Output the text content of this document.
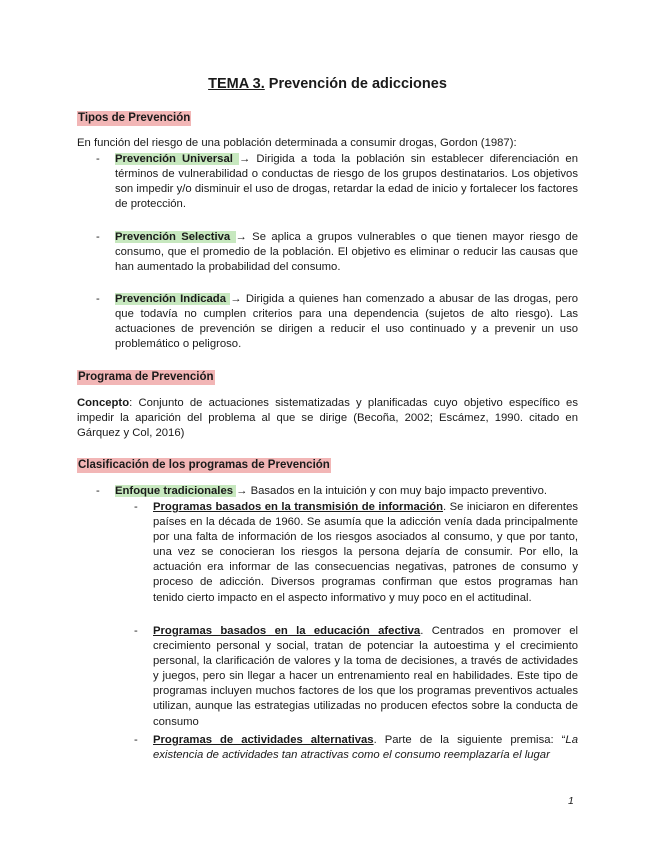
TEMA 3. Prevención de adicciones
Tipos de Prevención
En función del riesgo de una población determinada a consumir drogas, Gordon (1987):
- Prevención Universal → Dirigida a toda la población sin establecer diferenciación en términos de vulnerabilidad o conductas de riesgo de los grupos destinatarios. Los objetivos son impedir y/o disminuir el uso de drogas, retardar la edad de inicio y fortalecer los factores de protección.
- Prevención Selectiva → Se aplica a grupos vulnerables o que tienen mayor riesgo de consumo, que el promedio de la población. El objetivo es eliminar o reducir las causas que han aumentado la probabilidad del consumo.
- Prevención Indicada → Dirigida a quienes han comenzado a abusar de las drogas, pero que todavía no cumplen criterios para una dependencia (sujetos de alto riesgo). Las actuaciones de prevención se dirigen a reducir el uso continuado y a prevenir un uso problemático o peligroso.
Programa de Prevención
Concepto: Conjunto de actuaciones sistematizadas y planificadas cuyo objetivo específico es impedir la aparición del problema al que se dirige (Becoña, 2002; Escámez, 1990. citado en Gárquez y Col, 2016)
Clasificación de los programas de Prevención
- Enfoque tradicionales → Basados en la intuición y con muy bajo impacto preventivo.
- Programas basados en la transmisión de información. Se iniciaron en diferentes países en la década de 1960. Se asumía que la adicción venía dada principalmente por una falta de información de los riesgos asociados al consumo, y que por tanto, una vez se conocieran los riesgos la persona dejaría de consumir. Por ello, la actuación era informar de las consecuencias negativas, patrones de consumo y proceso de adicción. Diversos programas confirman que estos programas han tenido cierto impacto en el aspecto informativo y muy poco en el actitudinal.
- Programas basados en la educación afectiva. Centrados en promover el crecimiento personal y social, tratan de potenciar la autoestima y el crecimiento personal, la clarificación de valores y la toma de decisiones, a través de actividades y juegos, pero sin llegar a hacer un entrenamiento real en habilidades. Este tipo de programas incluyen muchos factores de los que los programas preventivos actuales utilizan, aunque las estrategias utilizadas no producen efectos sobre la conducta de consumo
- Programas de actividades alternativas. Parte de la siguiente premisa: “La existencia de actividades tan atractivas como el consumo reemplazaría el lugar
1
